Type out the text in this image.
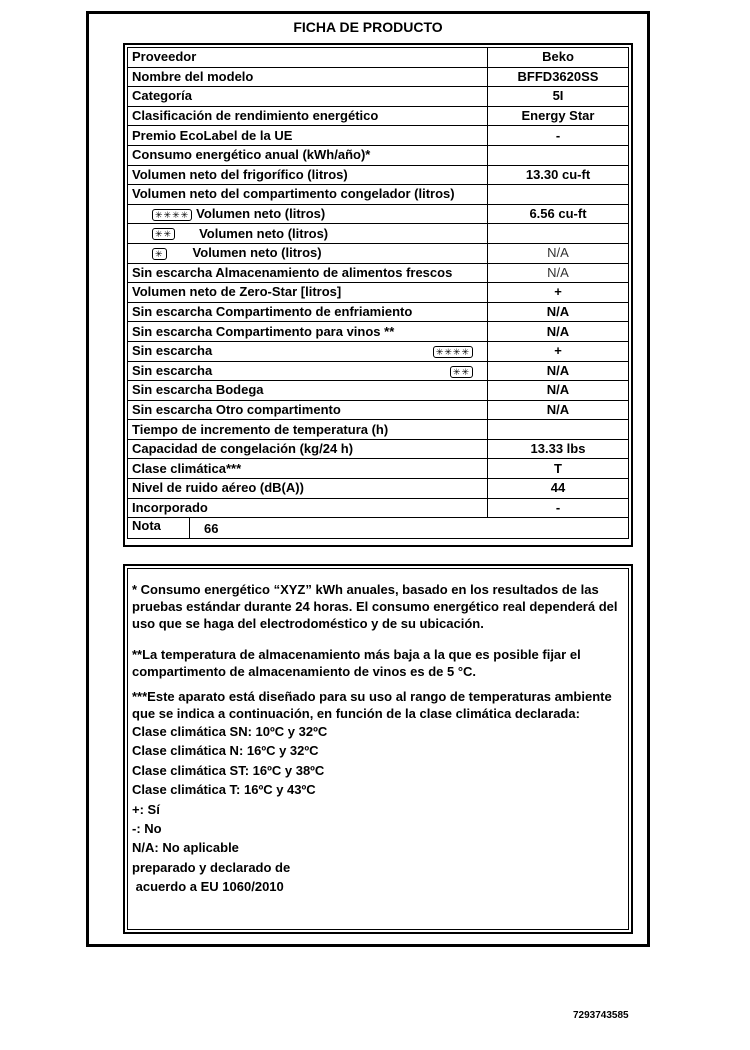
FICHA DE PRODUCTO
Proveedor	Beko
Nombre del modelo	BFFD3620SS
Categoría	5I
Clasificación de rendimiento energético	Energy Star
Premio EcoLabel de la UE	-
Consumo energético anual (kWh/año)*	
Volumen neto del frigorífico (litros)	13.30 cu-ft
Volumen neto del compartimento congelador (litros)	
✳✳✳✳ Volumen neto (litros)	6.56 cu-ft
✳✳ Volumen neto (litros)	
✳ Volumen neto (litros)	N/A
Sin escarcha Almacenamiento de alimentos frescos	N/A
Volumen neto de Zero-Star [litros]	+
Sin escarcha Compartimento de enfriamiento	N/A
Sin escarcha Compartimento para vinos **	N/A
Sin escarcha ✳✳✳✳	+
Sin escarcha ✳✳	N/A
Sin escarcha Bodega	N/A
Sin escarcha Otro compartimento	N/A
Tiempo de incremento de temperatura (h)	
Capacidad de congelación (kg/24 h)	13.33 lbs
Clase climática***	T
Nivel de ruido aéreo (dB(A))	44
Incorporado	-

Nota 66	

* Consumo energético “XYZ” kWh anuales, basado en los resultados de las pruebas estándar durante 24 horas. El consumo energético real dependerá del uso que se haga del electrodoméstico y de su ubicación.

**La temperatura de almacenamiento más baja a la que es posible fijar el compartimento de almacenamiento de vinos es de 5 °C.

***Este aparato está diseñado para su uso al rango de temperaturas ambiente que se indica a continuación, en función de la clase climática declarada:

Clase climática SN: 10ºC y 32ºC
Clase climática N: 16ºC y 32ºC
Clase climática ST: 16ºC y 38ºC
Clase climática T: 16ºC y 43ºC
+: Sí
-: No
N/A: No aplicable
preparado y declarado de
acuerdo a EU 1060/2010
7293743585
